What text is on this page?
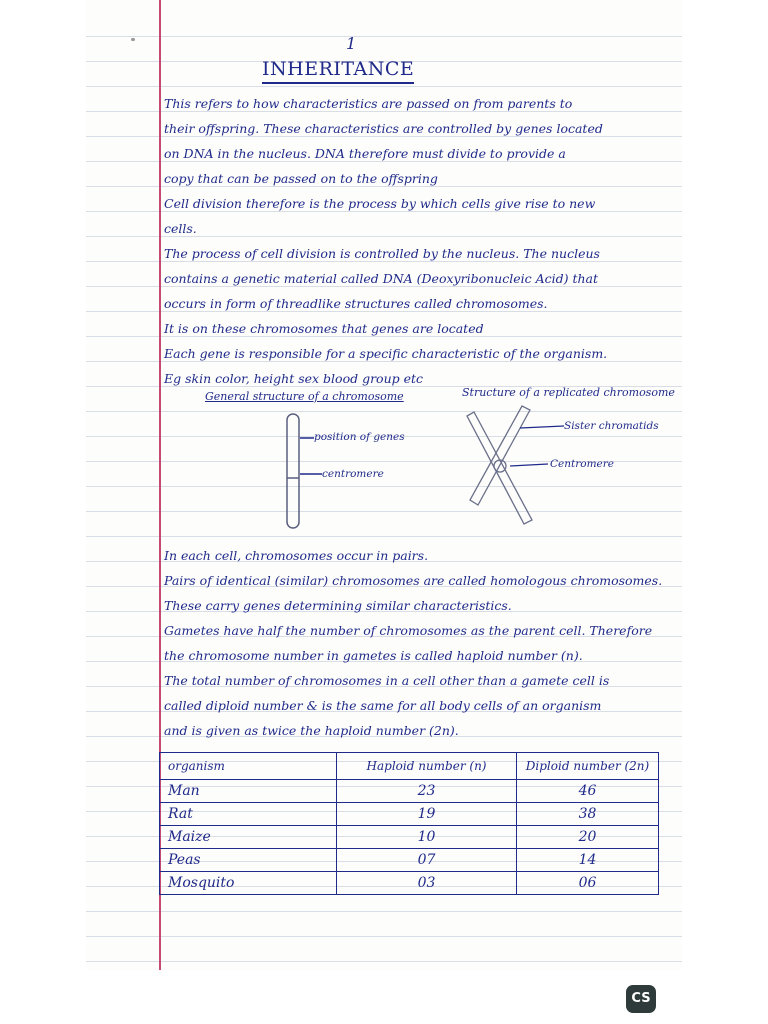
1
INHERITANCE
This refers to how characteristics are passed on from parents to
their offspring. These characteristics are controlled by genes located
on DNA in the nucleus. DNA therefore must divide to provide a
copy that can be passed on to the offspring
Cell division therefore is the process by which cells give rise to new
cells.
The process of cell division is controlled by the nucleus. The nucleus
contains a genetic material called DNA (Deoxyribonucleic Acid) that
occurs in form of threadlike structures called chromosomes.
It is on these chromosomes that genes are located
Each gene is responsible for a specific characteristic of the organism.
Eg skin color, height sex blood group etc
General structure of a chromosome	Structure of a replicated chromosome
position of genes
centromere
Sister chromatids
Centromere
In each cell, chromosomes occur in pairs.
Pairs of identical (similar) chromosomes are called homologous chromosomes.
These carry genes determining similar characteristics.
Gametes have half the number of chromosomes as the parent cell. Therefore
the chromosome number in gametes is called haploid number (n).
The total number of chromosomes in a cell other than a gamete cell is
called diploid number & is the same for all body cells of an organism
and is given as twice the haploid number (2n).
organism	Haploid number (n)	Diploid number (2n)
Man	23	46
Rat	19	38
Maize	10	20
Peas	07	14
Mosquito	03	06
CS
